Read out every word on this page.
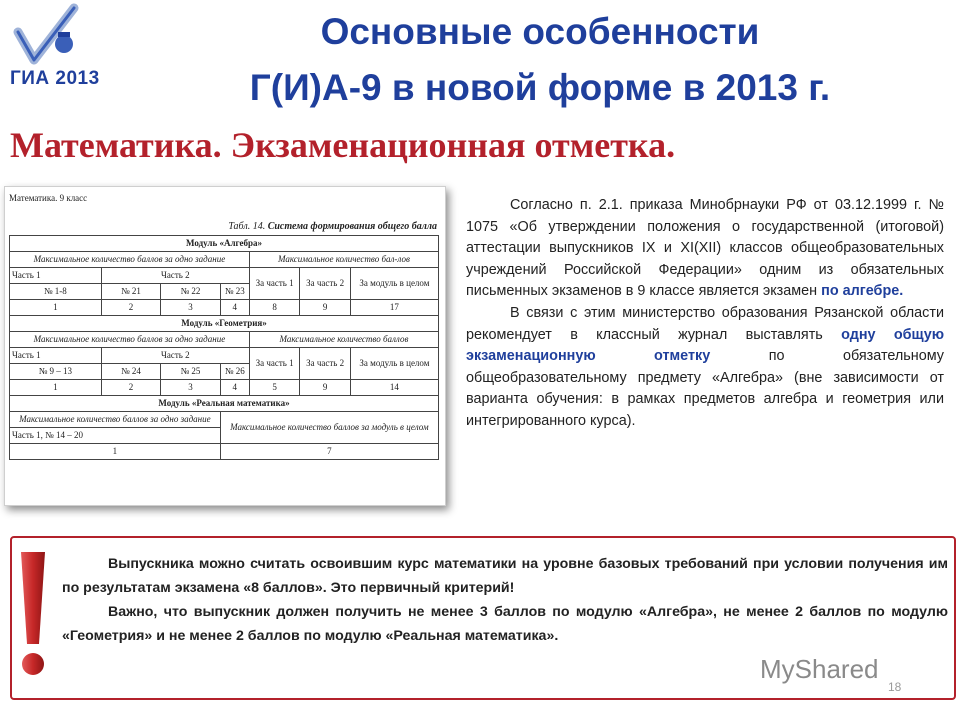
ГИА 2013
Основные особенности
Г(И)А-9 в новой форме в 2013 г.
Математика. Экзаменационная отметка.
Математика. 9 класс
Табл. 14. Система формирования общего балла
Модуль «Алгебра»						
Максимальное количество баллов за одно задание				Максимальное количество бал-лов		
Часть 1	Часть 2			За часть 1	За часть 2	За модуль в целом
№ 1-8	№ 21	№ 22	№ 23			
1	2	3	4	8	9	17
Модуль «Геометрия»						
Максимальное количество баллов за одно задание				Максимальное количество баллов		
Часть 1	Часть 2			За часть 1	За часть 2	За модуль в целом
№ 9 – 13	№ 24	№ 25	№ 26			
1	2	3	4	5	9	14
Модуль «Реальная математика»						
Максимальное количество баллов за одно задание			Максимальное количество баллов за модуль в целом			
Часть 1, № 14 – 20						
1			7			

Согласно п. 2.1. приказа Минобрнауки РФ от 03.12.1999 г. № 1075 «Об утверждении положения о государственной (итоговой) аттестации выпускников IX и XI(XII) классов общеобразовательных учреждений Российской Федерации» одним из обязательных письменных экзаменов в 9 классе является экзамен по алгебре.

В связи с этим министерство образования Рязанской области рекомендует в классный журнал выставлять одну общую экзаменационную отметку по обязательному общеобразовательному предмету «Алгебра» (вне зависимости от варианта обучения: в рамках предметов алгебра и геометрия или интегрированного курса).

Выпускника можно считать освоившим курс математики на уровне базовых требований при условии получения им по результатам экзамена «8 баллов». Это первичный критерий!

Важно, что выпускник должен получить не менее 3 баллов по модулю «Алгебра», не менее 2 баллов по модулю «Геометрия» и не менее 2 баллов по модулю «Реальная математика».

MyShared
18
